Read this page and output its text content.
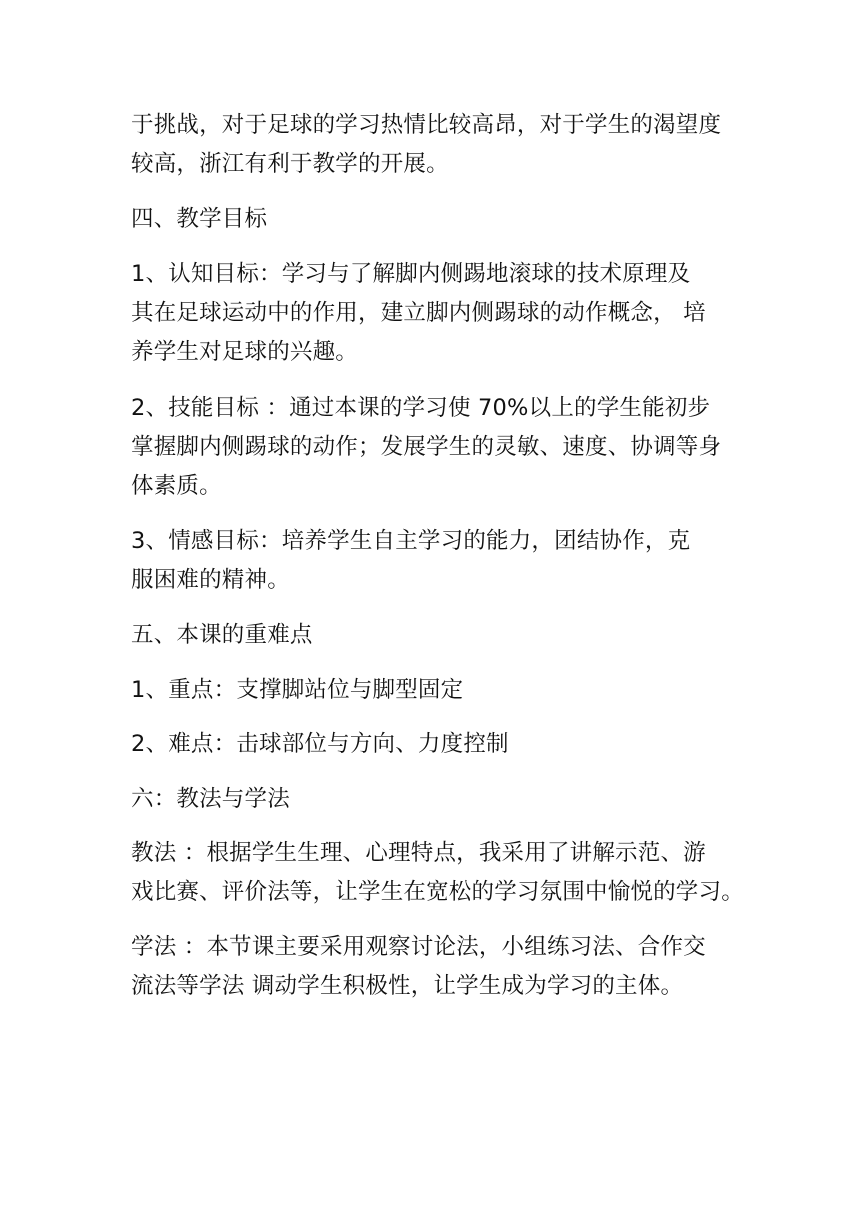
于挑战，对于足球的学习热情比较高昂，对于学生的渴望度
较高，浙江有利于教学的开展。
四、教学目标
1、认知目标：学习与了解脚内侧踢地滚球的技术原理及
其在足球运动中的作用，建立脚内侧踢球的动作概念， 培
养学生对足球的兴趣。
2、技能目标 ：通过本课的学习使 70%以上的学生能初步
掌握脚内侧踢球的动作；发展学生的灵敏、速度、协调等身
体素质。
3、情感目标：培养学生自主学习的能力，团结协作，克
服困难的精神。
五、本课的重难点
1、重点：支撑脚站位与脚型固定
2、难点：击球部位与方向、力度控制
六：教法与学法
教法 ：根据学生生理、心理特点，我采用了讲解示范、游
戏比赛、评价法等，让学生在宽松的学习氛围中愉悦的学习。
学法 ：本节课主要采用观察讨论法，小组练习法、合作交
流法等学法 调动学生积极性，让学生成为学习的主体。
